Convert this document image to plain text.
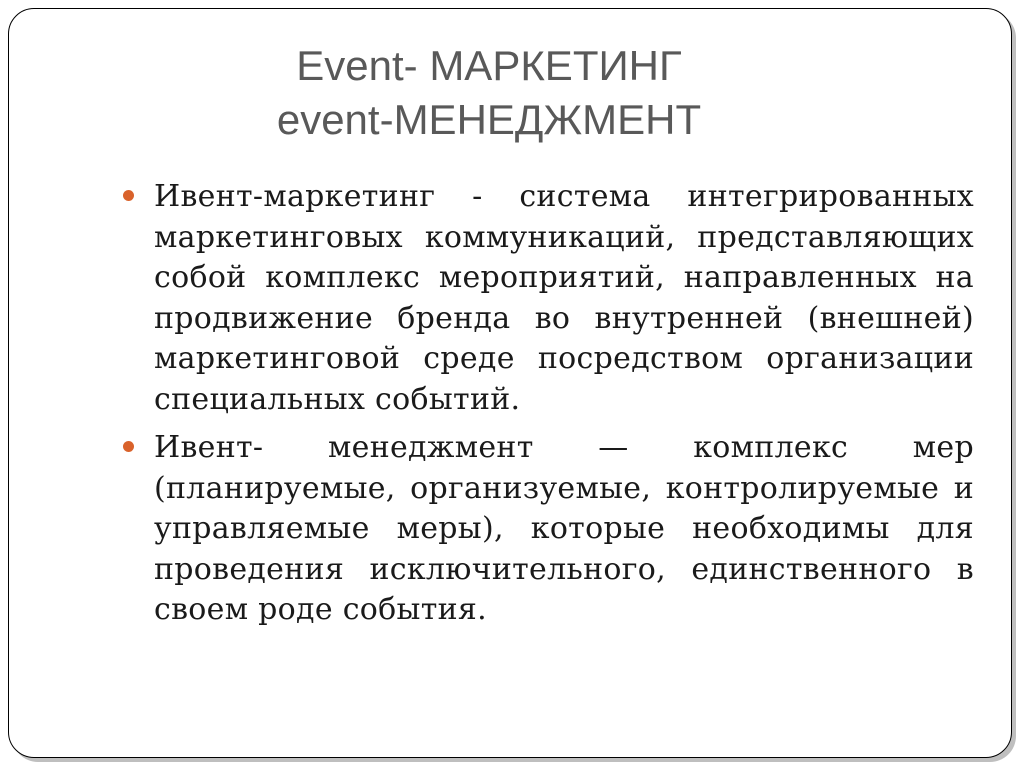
Event- МАРКЕТИНГ
event-МЕНЕДЖМЕНТ
Ивент-маркетинг - система интегрированных маркетинговых коммуникаций, представляющих собой комплекс мероприятий, направленных на продвижение бренда во внутренней (внешней) маркетинговой среде посредством организации специальных событий.
Ивент- менеджмент — комплекс мер (планируемые, организуемые, контролируемые и управляемые меры), которые необходимы для проведения исключительного, единственного в своем роде события.
